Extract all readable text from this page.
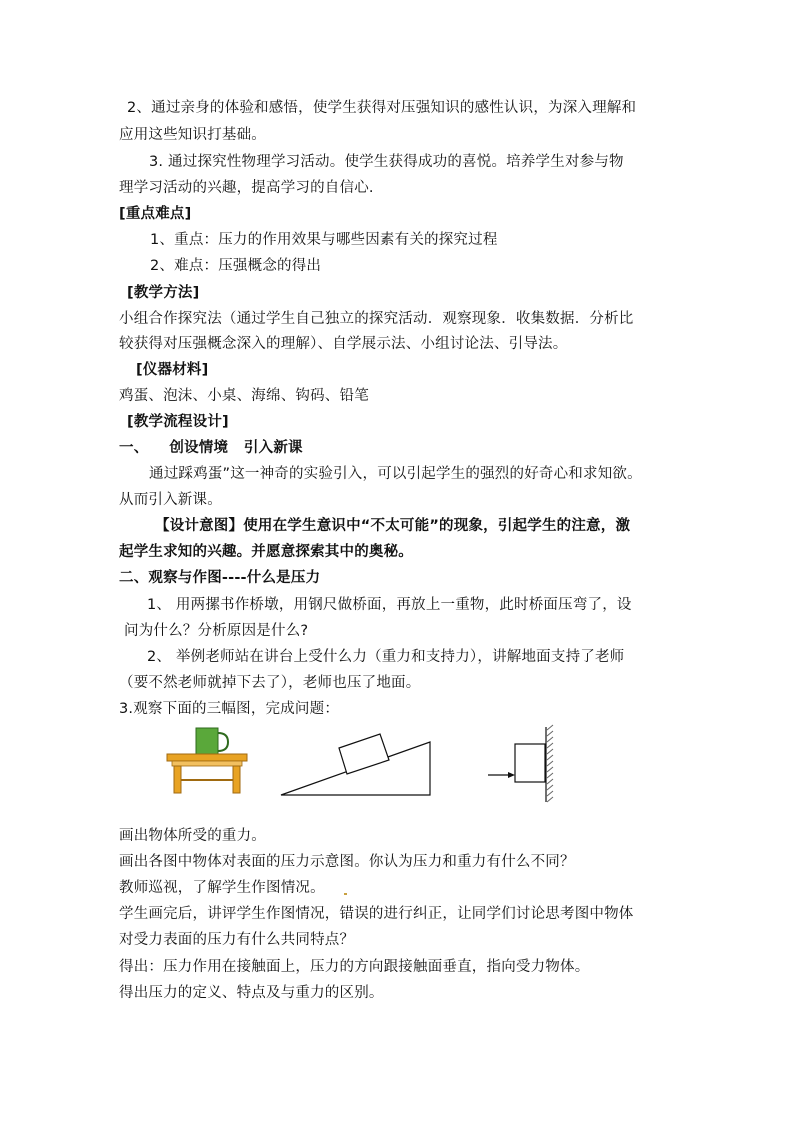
2、通过亲身的体验和感悟，使学生获得对压强知识的感性认识，为深入理解和
应用这些知识打基础。
3. 通过探究性物理学习活动。使学生获得成功的喜悦。培养学生对参与物
理学习活动的兴趣，提高学习的自信心.
[重点难点]
1、重点：压力的作用效果与哪些因素有关的探究过程
2、难点：压强概念的得出
[教学方法]
小组合作探究法（通过学生自己独立的探究活动．观察现象．收集数据．分析比
较获得对压强概念深入的理解）、自学展示法、小组讨论法、引导法。
[仪器材料]
鸡蛋、泡沫、小桌、海绵、钩码、铅笔
[教学流程设计]
一、    创设情境   引入新课
通过踩鸡蛋”这一神奇的实验引入，可以引起学生的强烈的好奇心和求知欲。
从而引入新课。
【设计意图】使用在学生意识中“不太可能”的现象，引起学生的注意，激
起学生求知的兴趣。并愿意探索其中的奥秘。
二、观察与作图----什么是压力
1、 用两摞书作桥墩，用钢尺做桥面，再放上一重物，此时桥面压弯了，设
问为什么？分析原因是什么?
2、 举例老师站在讲台上受什么力（重力和支持力），讲解地面支持了老师
（要不然老师就掉下去了），老师也压了地面。
3.观察下面的三幅图，完成问题：
画出物体所受的重力。
画出各图中物体对表面的压力示意图。你认为压力和重力有什么不同？
教师巡视，了解学生作图情况。
学生画完后，讲评学生作图情况，错误的进行纠正，让同学们讨论思考图中物体
对受力表面的压力有什么共同特点？
得出：压力作用在接触面上，压力的方向跟接触面垂直，指向受力物体。
得出压力的定义、特点及与重力的区别。
